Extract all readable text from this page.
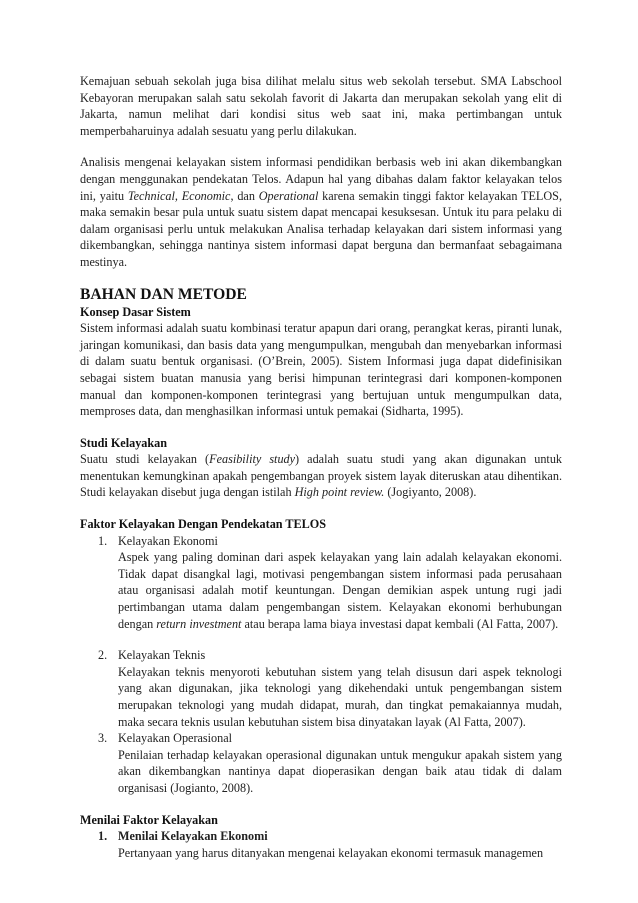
Kemajuan sebuah sekolah juga bisa dilihat melalu situs web sekolah tersebut. SMA Labschool Kebayoran merupakan salah satu sekolah favorit di Jakarta dan merupakan sekolah yang elit di Jakarta, namun melihat dari kondisi situs web saat ini, maka pertimbangan untuk memperbaharuinya adalah sesuatu yang perlu dilakukan.

Analisis mengenai kelayakan sistem informasi pendidikan berbasis web ini akan dikembangkan dengan menggunakan pendekatan Telos. Adapun hal yang dibahas dalam faktor kelayakan telos ini, yaitu Technical, Economic, dan Operational karena semakin tinggi faktor kelayakan TELOS, maka semakin besar pula untuk suatu sistem dapat mencapai kesuksesan. Untuk itu para pelaku di dalam organisasi perlu untuk melakukan Analisa terhadap kelayakan dari sistem informasi yang dikembangkan, sehingga nantinya sistem informasi dapat berguna dan bermanfaat sebagaimana mestinya.

BAHAN DAN METODE
Konsep Dasar Sistem

Sistem informasi adalah suatu kombinasi teratur apapun dari orang, perangkat keras, piranti lunak, jaringan komunikasi, dan basis data yang mengumpulkan, mengubah dan menyebarkan informasi di dalam suatu bentuk organisasi. (O’Brein, 2005). Sistem Informasi juga dapat didefinisikan sebagai sistem buatan manusia yang berisi himpunan terintegrasi dari komponen-komponen manual dan komponen-komponen terintegrasi yang bertujuan untuk mengumpulkan data, memproses data, dan menghasilkan informasi untuk pemakai (Sidharta, 1995).

Studi Kelayakan

Suatu studi kelayakan (Feasibility study) adalah suatu studi yang akan digunakan untuk menentukan kemungkinan apakah pengembangan proyek sistem layak diteruskan atau dihentikan. Studi kelayakan disebut juga dengan istilah High point review. (Jogiyanto, 2008).

Faktor Kelayakan Dengan Pendekatan TELOS
1. Kelayakan Ekonomi

Aspek yang paling dominan dari aspek kelayakan yang lain adalah kelayakan ekonomi. Tidak dapat disangkal lagi, motivasi pengembangan sistem informasi pada perusahaan atau organisasi adalah motif keuntungan. Dengan demikian aspek untung rugi jadi pertimbangan utama dalam pengembangan sistem. Kelayakan ekonomi berhubungan dengan return investment atau berapa lama biaya investasi dapat kembali (Al Fatta, 2007).

2. Kelayakan Teknis

Kelayakan teknis menyoroti kebutuhan sistem yang telah disusun dari aspek teknologi yang akan digunakan, jika teknologi yang dikehendaki untuk pengembangan sistem merupakan teknologi yang mudah didapat, murah, dan tingkat pemakaiannya mudah, maka secara teknis usulan kebutuhan sistem bisa dinyatakan layak (Al Fatta, 2007).

3. Kelayakan Operasional

Penilaian terhadap kelayakan operasional digunakan untuk mengukur apakah sistem yang akan dikembangkan nantinya dapat dioperasikan dengan baik atau tidak di dalam organisasi (Jogianto, 2008).

Menilai Faktor Kelayakan
1. Menilai Kelayakan Ekonomi

Pertanyaan yang harus ditanyakan mengenai kelayakan ekonomi termasuk managemen
